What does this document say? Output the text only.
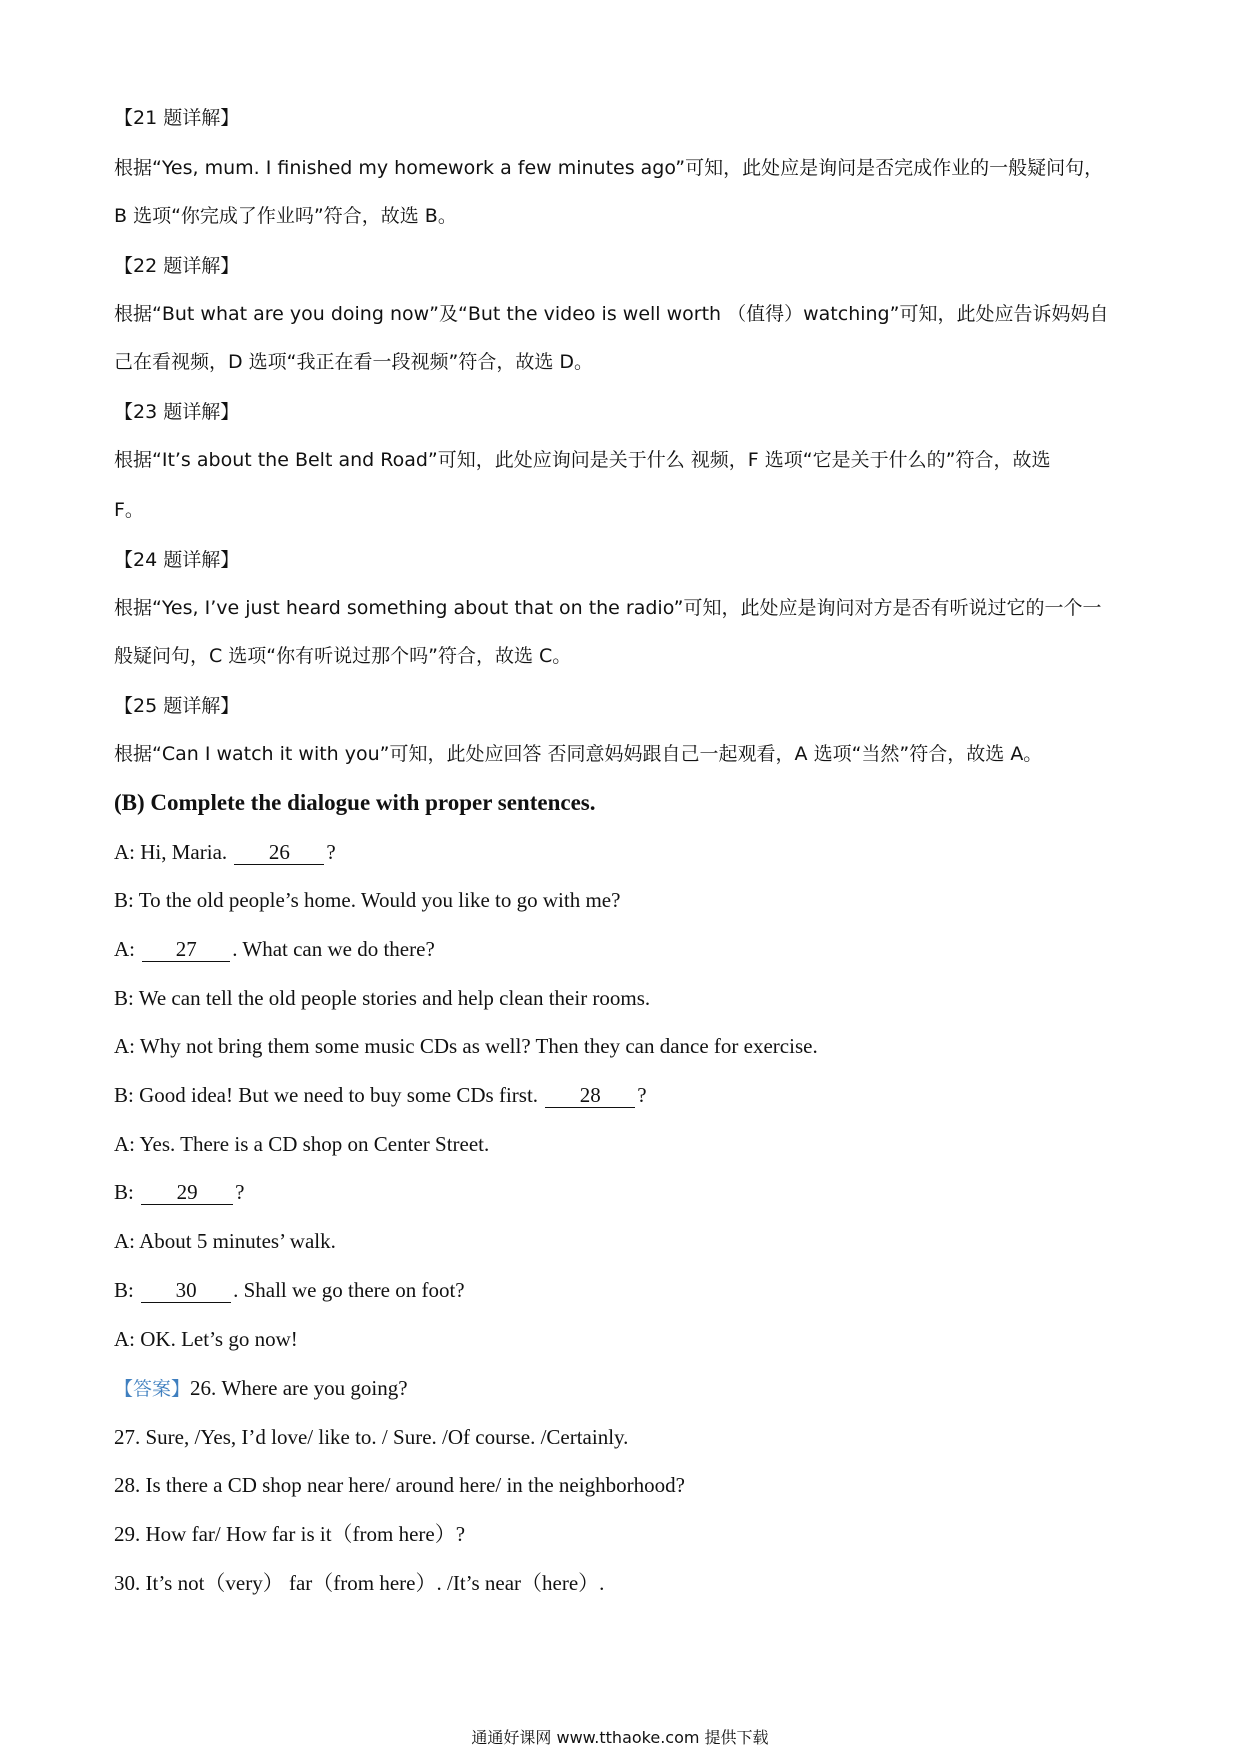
【21 题详解】
根据“Yes, mum. I finished my homework a few minutes ago”可知，此处应是询问是否完成作业的一般疑问句，
B 选项“你完成了作业吗”符合，故选 B。
【22 题详解】
根据“But what are you doing now”及“But the video is well worth （值得）watching”可知，此处应告诉妈妈自
己在看视频，D 选项“我正在看一段视频”符合，故选 D。
【23 题详解】
根据“It’s about the Belt and Road”可知，此处应询问是关于什么 视频，F 选项“它是关于什么的”符合，故选
F。
【24 题详解】
根据“Yes, I’ve just heard something about that on the radio”可知，此处应是询问对方是否有听说过它的一个一
般疑问句，C 选项“你有听说过那个吗”符合，故选 C。
【25 题详解】
根据“Can I watch it with you”可知，此处应回答 否同意妈妈跟自己一起观看，A 选项“当然”符合，故选 A。
(B) Complete the dialogue with proper sentences.
A: Hi, Maria. 26 ?
B: To the old people’s home. Would you like to go with me?
A: 27 . What can we do there?
B: We can tell the old people stories and help clean their rooms.
A: Why not bring them some music CDs as well? Then they can dance for exercise.
B: Good idea! But we need to buy some CDs first. 28 ?
A: Yes. There is a CD shop on Center Street.
B: 29 ?
A: About 5 minutes’ walk.
B: 30 . Shall we go there on foot?
A: OK. Let’s go now!
【答案】26. Where are you going?
27. Sure, /Yes, I’d love/ like to. / Sure. /Of course. /Certainly.
28. Is there a CD shop near here/ around here/ in the neighborhood?
29. How far/ How far is it（from here）?
30. It’s not（very） far（from here）. /It’s near（here）.
通通好课网 www.tthaoke.com 提供下载
